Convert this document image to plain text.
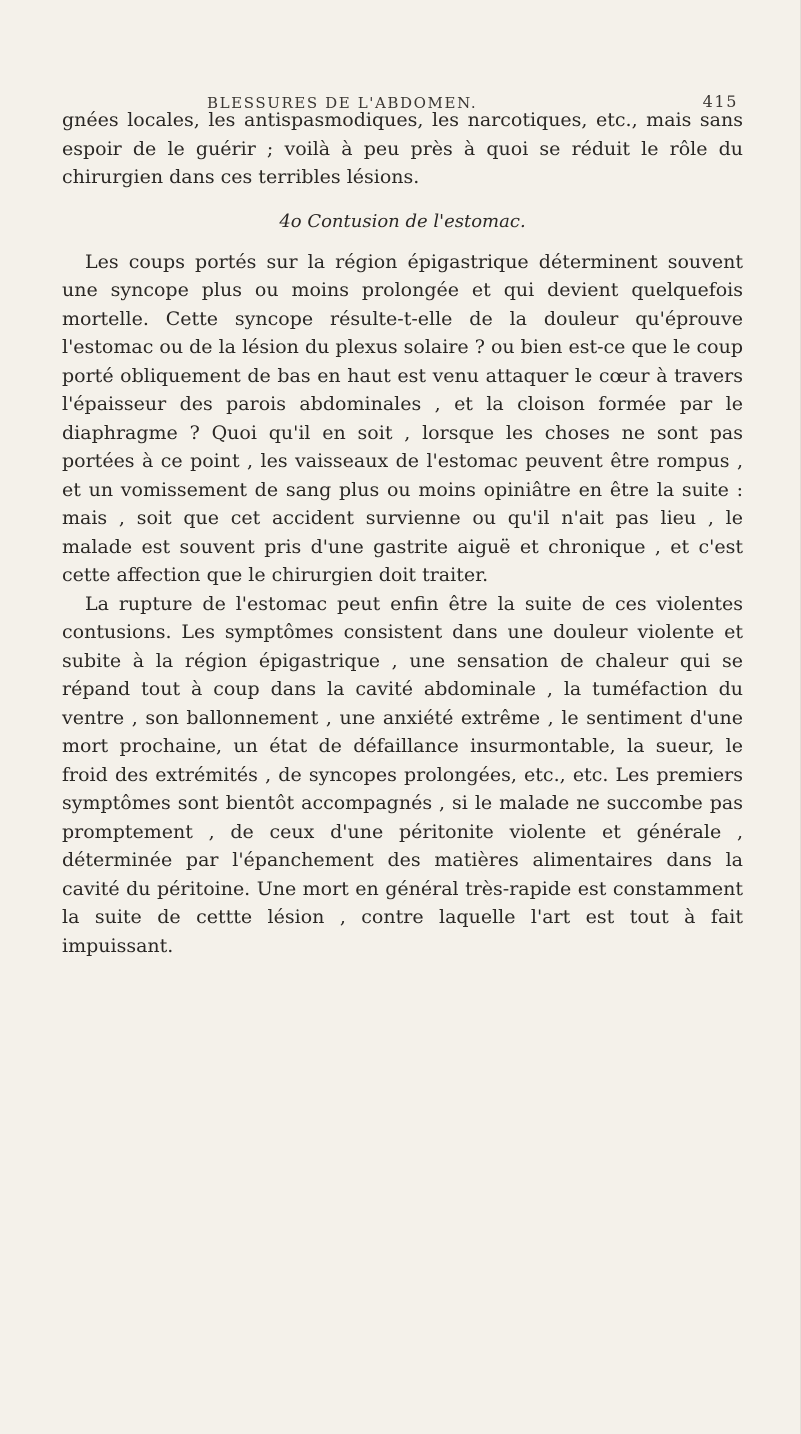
BLESSURES DE L'ABDOMEN.	415

gnées locales, les antispasmodiques, les narcotiques, etc., mais sans espoir de le guérir ; voilà à peu près à quoi se réduit le rôle du chirurgien dans ces terribles lésions.

4o Contusion de l'estomac.

Les coups portés sur la région épigastrique déterminent souvent une syncope plus ou moins prolongée et qui devient quelquefois mortelle. Cette syncope résulte-t-elle de la douleur qu'éprouve l'estomac ou de la lésion du plexus solaire ? ou bien est-ce que le coup porté obliquement de bas en haut est venu attaquer le cœur à travers l'épaisseur des parois abdominales , et la cloison formée par le diaphragme ? Quoi qu'il en soit , lorsque les choses ne sont pas portées à ce point , les vaisseaux de l'estomac peuvent être rompus , et un vomissement de sang plus ou moins opiniâtre en être la suite : mais , soit que cet accident survienne ou qu'il n'ait pas lieu , le malade est souvent pris d'une gastrite aiguë et chronique , et c'est cette affection que le chirurgien doit traiter.

La rupture de l'estomac peut enfin être la suite de ces violentes contusions. Les symptômes consistent dans une douleur violente et subite à la région épigastrique , une sensation de chaleur qui se répand tout à coup dans la cavité abdominale , la tuméfaction du ventre , son ballonnement , une anxiété extrême , le sentiment d'une mort prochaine, un état de défaillance insurmontable, la sueur, le froid des extrémités , de syncopes prolongées, etc., etc. Les premiers symptômes sont bientôt accompagnés , si le malade ne succombe pas promptement , de ceux d'une péritonite violente et générale , déterminée par l'épanchement des matières alimentaires dans la cavité du péritoine. Une mort en général très-rapide est constamment la suite de cettte lésion , contre laquelle l'art est tout à fait impuissant.
